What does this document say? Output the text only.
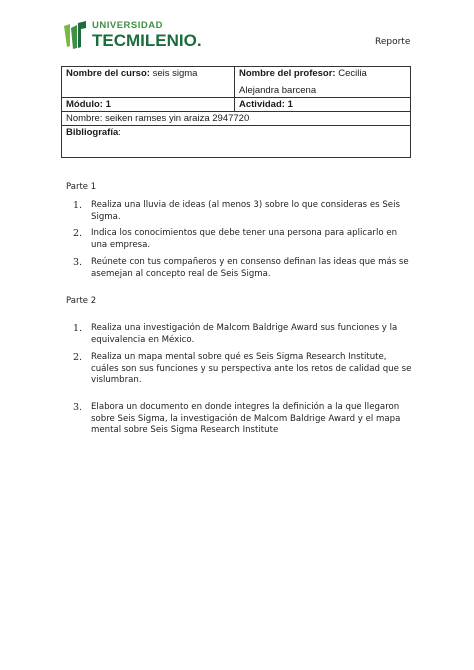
UNIVERSIDAD
TECMILENIO.	Reporte
Nombre del curso: seis sigma	Nombre del profesor: Cecilia
Alejandra barcena

Módulo: 1	Actividad: 1
Nombre: seiken ramses yin araiza 2947720	
Bibliografía:	
Parte 1
1.	Realiza una lluvia de ideas (al menos 3) sobre lo que consideras es Seis Sigma.
2.	Indica los conocimientos que debe tener una persona para aplicarlo en una empresa.
3.	Reúnete con tus compañeros y en consenso definan las ideas que más se asemejan al concepto real de Seis Sigma.
Parte 2
1.	Realiza una investigación de Malcom Baldrige Award sus funciones y la equivalencia en México.
2.	Realiza un mapa mental sobre qué es Seis Sigma Research Institute, cuáles son sus funciones y su perspectiva ante los retos de calidad que se vislumbran.
3.	Elabora un documento en donde integres la definición a la que llegaron sobre Seis Sigma, la investigación de Malcom Baldrige Award y el mapa mental sobre Seis Sigma Research Institute
